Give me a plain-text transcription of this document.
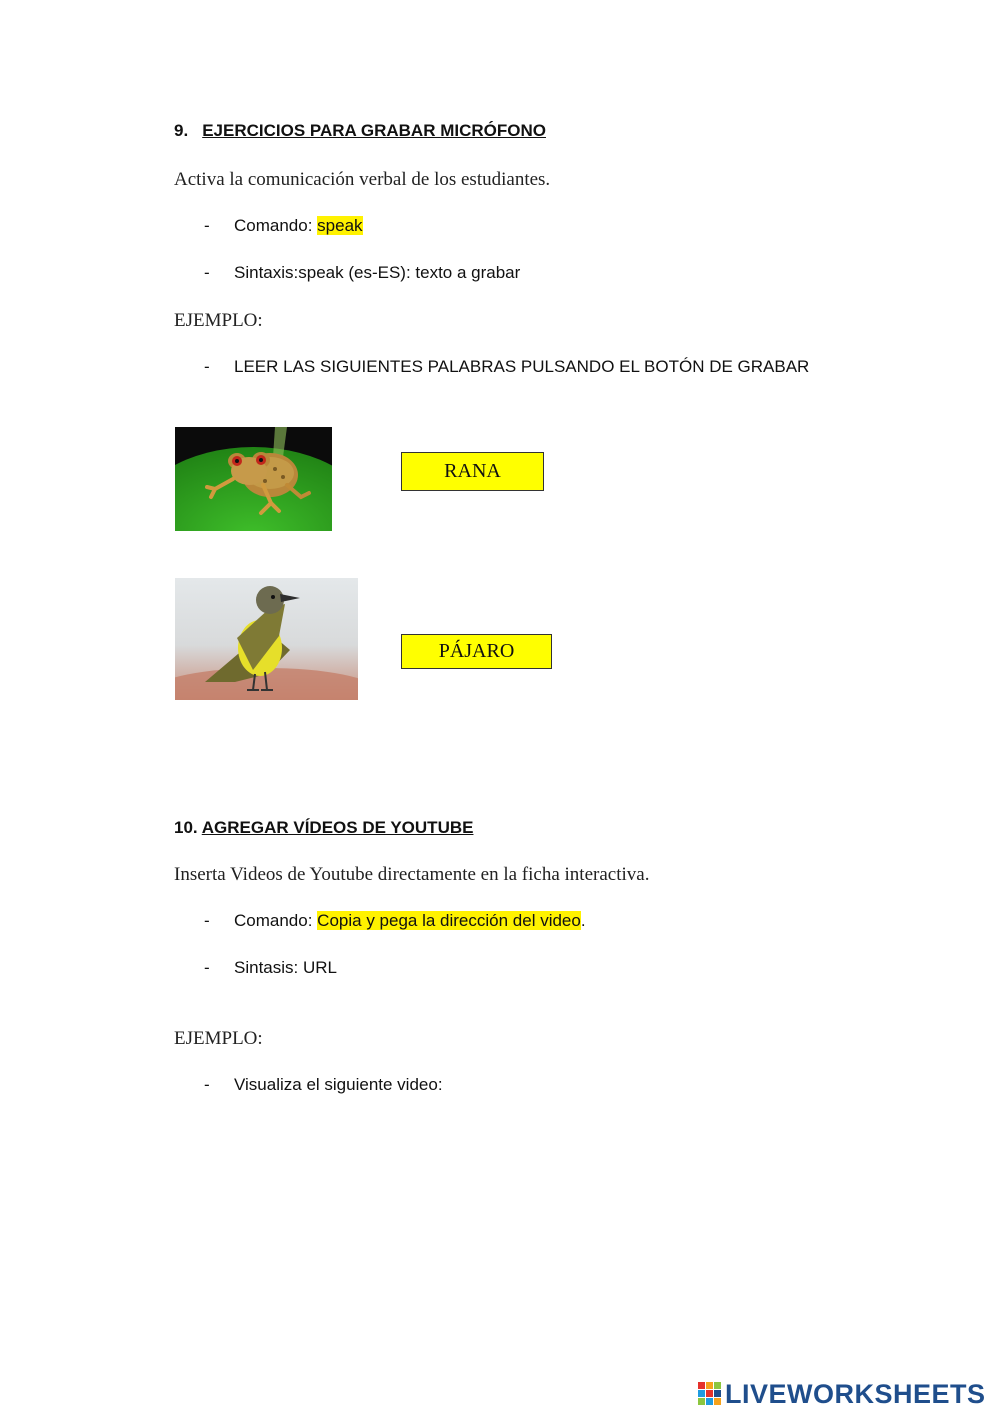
9. EJERCICIOS PARA GRABAR MICRÓFONO
Activa la comunicación verbal de los estudiantes.
- Comando: speak
- Sintaxis:speak (es-ES): texto a grabar
EJEMPLO:
- LEER LAS SIGUIENTES PALABRAS PULSANDO EL BOTÓN DE GRABAR
RANA
PÁJARO
10. AGREGAR VÍDEOS DE YOUTUBE
Inserta Videos de Youtube directamente en la ficha interactiva.
- Comando: Copia y pega la dirección del video.
- Sintasis: URL
EJEMPLO:
- Visualiza el siguiente video:
LIVEWORKSHEETS
